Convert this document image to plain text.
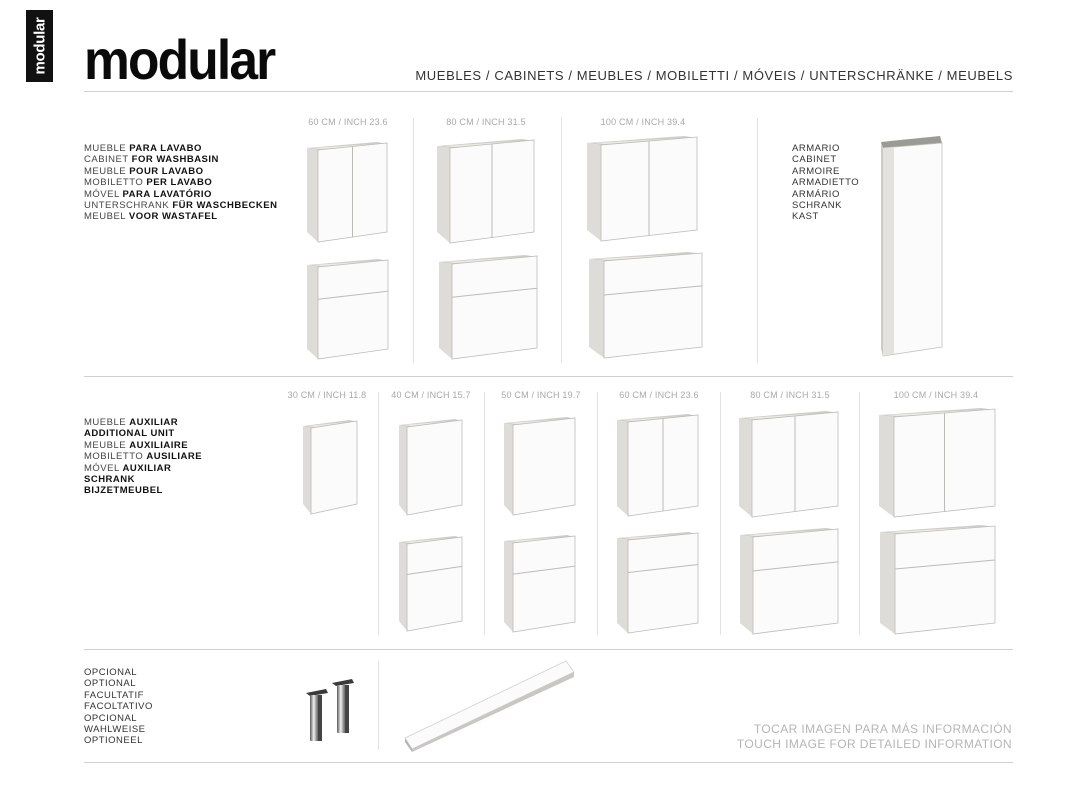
modular modular	MUEBLES / CABINETS / MEUBLES / MOBILETTI / MÓVEIS / UNTERSCHRÄNKE / MEUBELS
MUEBLE PARA LAVABO
CABINET FOR WASHBASIN
MEUBLE POUR LAVABO
MOBILETTO PER LAVABO
MÓVEL PARA LAVATÓRIO
UNTERSCHRANK FÜR WASCHBECKEN
MEUBEL VOOR WASTAFEL
60 CM / INCH 23.6	80 CM / INCH 31.5	100 CM / INCH 39.4
ARMARIO
CABINET
ARMOIRE
ARMADIETTO
ARMÁRIO
SCHRANK
KAST
MUEBLE AUXILIAR
ADDITIONAL UNIT
MEUBLE AUXILIAIRE
MOBILETTO AUSILIARE
MÓVEL AUXILIAR
SCHRANK
BIJZETMEUBEL
30 CM / INCH 11.8	40 CM / INCH 15.7	50 CM / INCH 19.7	60 CM / INCH 23.6	80 CM / INCH 31.5	100 CM / INCH 39.4
OPCIONAL
OPTIONAL
FACULTATIF
FACOLTATIVO
OPCIONAL
WAHLWEISE
OPTIONEEL
TOCAR IMAGEN PARA MÁS INFORMACIÓN
TOUCH IMAGE FOR DETAILED INFORMATION
